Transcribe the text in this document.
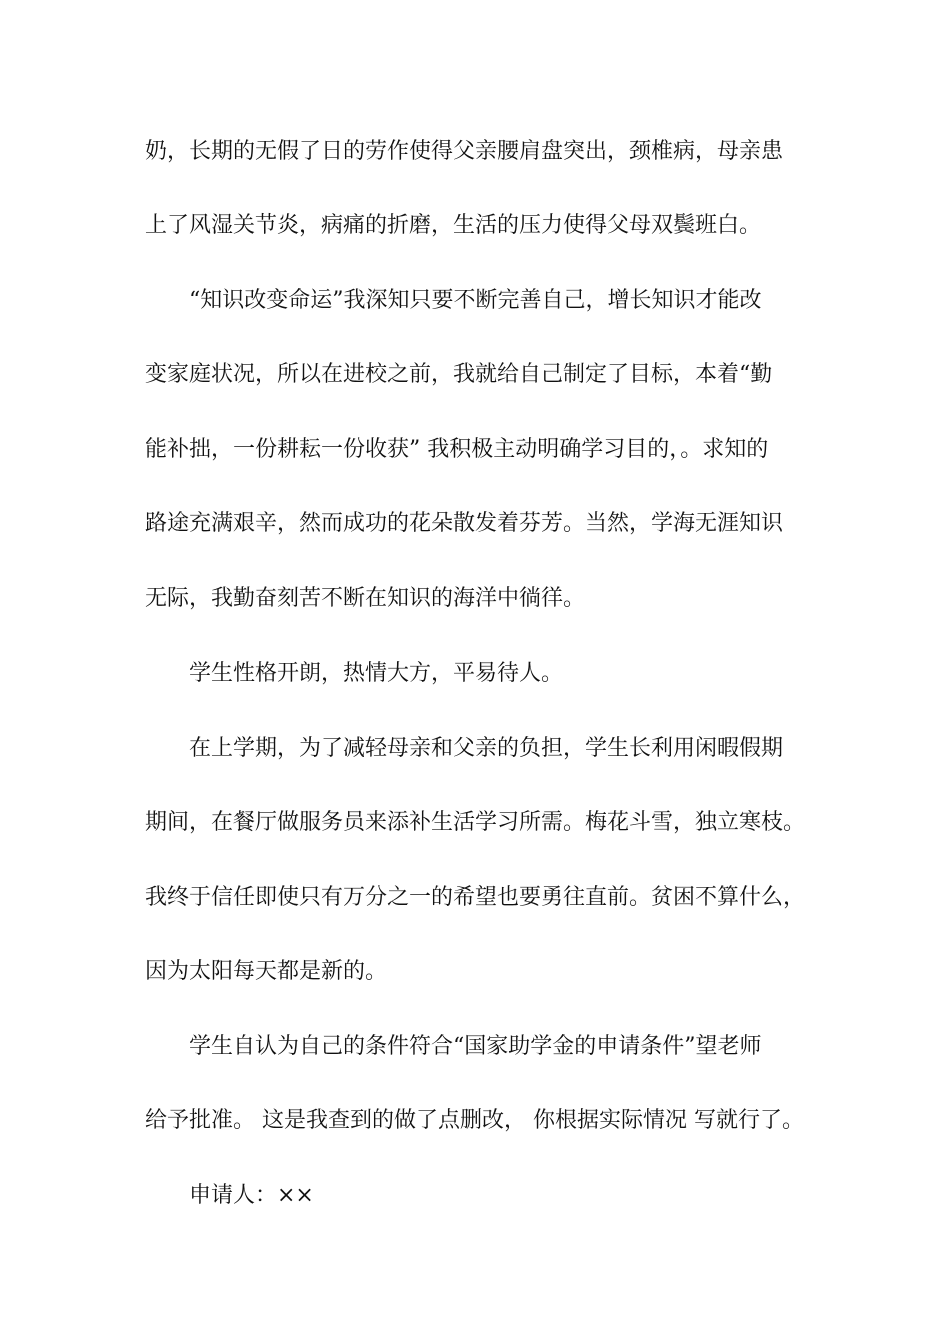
奶，长期的无假了日的劳作使得父亲腰肩盘突出，颈椎病，母亲患
上了风湿关节炎，病痛的折磨，生活的压力使得父母双鬓班白。
“知识改变命运”我深知只要不断完善自己，增长知识才能改
变家庭状况，所以在进校之前，我就给自己制定了目标，本着“勤
能补拙，一份耕耘一份收获” 我积极主动明确学习目的，。求知的
路途充满艰辛，然而成功的花朵散发着芬芳。当然，学海无涯知识
无际，我勤奋刻苦不断在知识的海洋中徜徉。
学生性格开朗，热情大方，平易待人。
在上学期，为了减轻母亲和父亲的负担，学生长利用闲暇假期
期间，在餐厅做服务员来添补生活学习所需。梅花斗雪，独立寒枝。
我终于信任即使只有万分之一的希望也要勇往直前。贫困不算什么，
因为太阳每天都是新的。
学生自认为自己的条件符合“国家助学金的申请条件”望老师
给予批准。 这是我查到的做了点删改， 你根据实际情况 写就行了。
申请人：××
